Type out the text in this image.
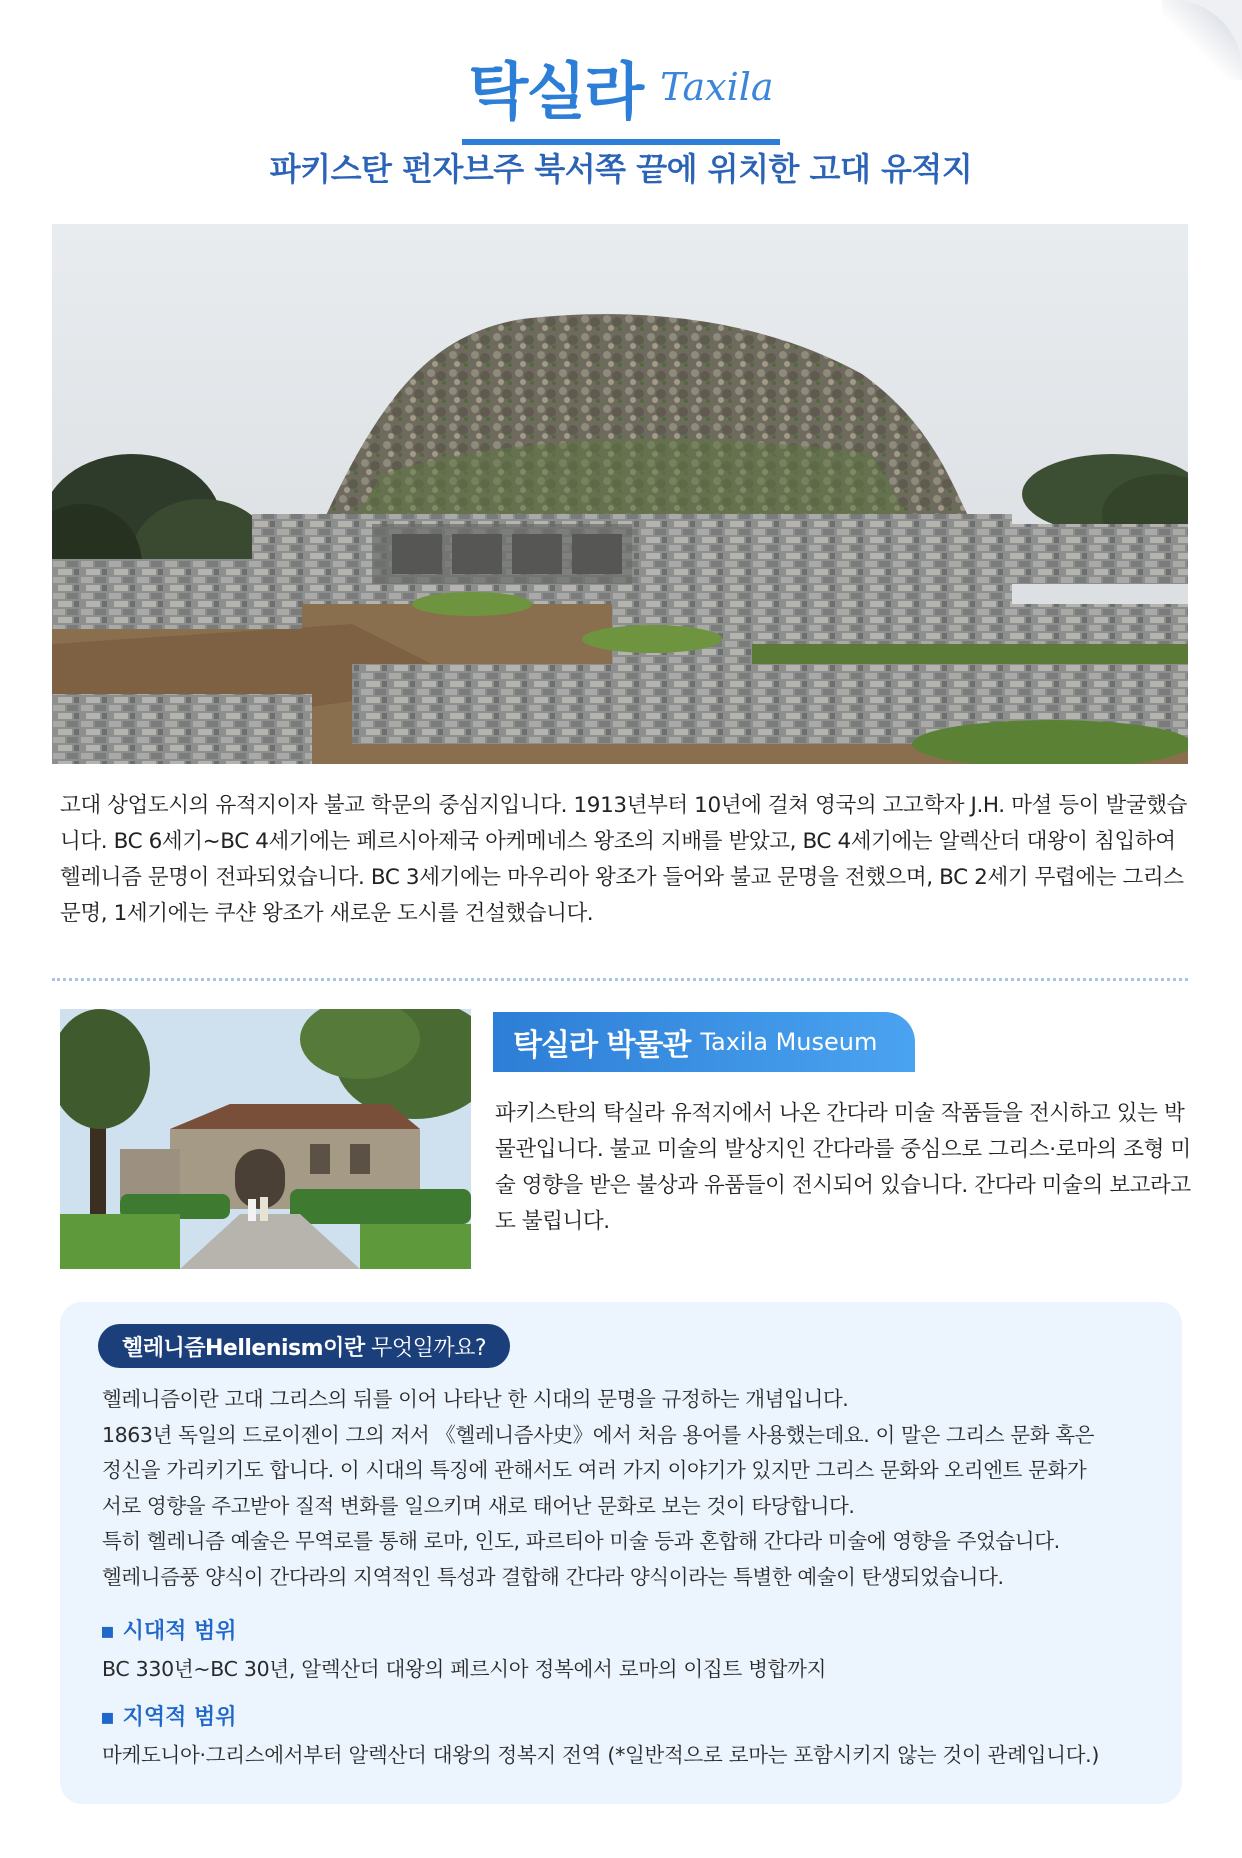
탁실라 Taxila
파키스탄 펀자브주 북서쪽 끝에 위치한 고대 유적지
고대 상업도시의 유적지이자 불교 학문의 중심지입니다. 1913년부터 10년에 걸쳐 영국의 고고학자 J.H. 마셜 등이 발굴했습니다. BC 6세기~BC 4세기에는 페르시아제국 아케메네스 왕조의 지배를 받았고, BC 4세기에는 알렉산더 대왕이 침입하여 헬레니즘 문명이 전파되었습니다. BC 3세기에는 마우리아 왕조가 들어와 불교 문명을 전했으며, BC 2세기 무렵에는 그리스 문명, 1세기에는 쿠샨 왕조가 새로운 도시를 건설했습니다.
탁실라 박물관 Taxila Museum
파키스탄의 탁실라 유적지에서 나온 간다라 미술 작품들을 전시하고 있는 박물관입니다. 불교 미술의 발상지인 간다라를 중심으로 그리스·로마의 조형 미술 영향을 받은 불상과 유품들이 전시되어 있습니다. 간다라 미술의 보고라고도 불립니다.
헬레니즘Hellenism이란 무엇일까요?
헬레니즘이란 고대 그리스의 뒤를 이어 나타난 한 시대의 문명을 규정하는 개념입니다.
1863년 독일의 드로이젠이 그의 저서 《헬레니즘사史》에서 처음 용어를 사용했는데요. 이 말은 그리스 문화 혹은
정신을 가리키기도 합니다. 이 시대의 특징에 관해서도 여러 가지 이야기가 있지만 그리스 문화와 오리엔트 문화가
서로 영향을 주고받아 질적 변화를 일으키며 새로 태어난 문화로 보는 것이 타당합니다.
특히 헬레니즘 예술은 무역로를 통해 로마, 인도, 파르티아 미술 등과 혼합해 간다라 미술에 영향을 주었습니다.
헬레니즘풍 양식이 간다라의 지역적인 특성과 결합해 간다라 양식이라는 특별한 예술이 탄생되었습니다.
▪ 시대적 범위
BC 330년~BC 30년, 알렉산더 대왕의 페르시아 정복에서 로마의 이집트 병합까지
▪ 지역적 범위
마케도니아·그리스에서부터 알렉산더 대왕의 정복지 전역 (*일반적으로 로마는 포함시키지 않는 것이 관례입니다.)
